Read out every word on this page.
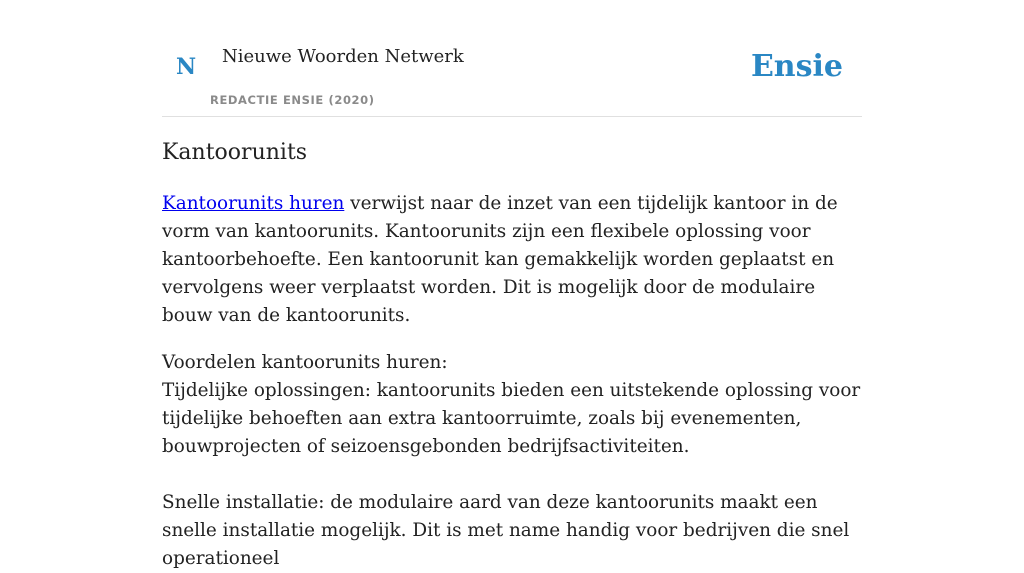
N Nieuwe Woorden Netwerk
REDACTIE ENSIE (2020)
Ensie
Kantoorunits

Kantoorunits huren verwijst naar de inzet van een tijdelijk kantoor in de vorm van kantoorunits. Kantoorunits zijn een flexibele oplossing voor kantoorbehoefte. Een kantoorunit kan gemakkelijk worden geplaatst en vervolgens weer verplaatst worden. Dit is mogelijk door de modulaire bouw van de kantoorunits.

Voordelen kantoorunits huren:
Tijdelijke oplossingen: kantoorunits bieden een uitstekende oplossing voor tijdelijke behoeften aan extra kantoorruimte, zoals bij evenementen, bouwprojecten of seizoensgebonden bedrijfsactiviteiten.

Snelle installatie: de modulaire aard van deze kantoorunits maakt een snelle installatie mogelijk. Dit is met name handig voor bedrijven die snel operationeel
